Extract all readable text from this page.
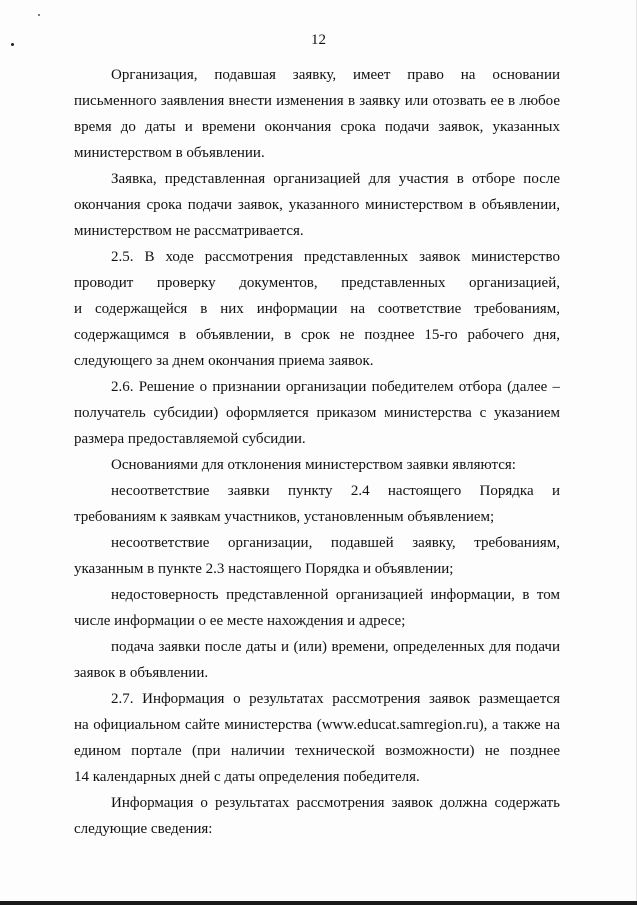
12
Организация, подавшая заявку, имеет право на основании
письменного заявления внести изменения в заявку или отозвать ее в любое
время до даты и времени окончания срока подачи заявок, указанных
министерством в объявлении.
Заявка, представленная организацией для участия в отборе после
окончания срока подачи заявок, указанного министерством в объявлении,
министерством не рассматривается.
2.5. В ходе рассмотрения представленных заявок министерство
проводит проверку документов, представленных организацией,
и содержащейся в них информации на соответствие требованиям,
содержащимся в объявлении, в срок не позднее 15-го рабочего дня,
следующего за днем окончания приема заявок.
2.6. Решение о признании организации победителем отбора (далее –
получатель субсидии) оформляется приказом министерства с указанием
размера предоставляемой субсидии.
Основаниями для отклонения министерством заявки являются:
несоответствие заявки пункту 2.4 настоящего Порядка и
требованиям к заявкам участников, установленным объявлением;
несоответствие организации, подавшей заявку, требованиям,
указанным в пункте 2.3 настоящего Порядка и объявлении;
недостоверность представленной организацией информации, в том
числе информации о ее месте нахождения и адресе;
подача заявки после даты и (или) времени, определенных для подачи
заявок в объявлении.
2.7. Информация о результатах рассмотрения заявок размещается
на официальном сайте министерства (www.educat.samregion.ru), а также на
едином портале (при наличии технической возможности) не позднее
14 календарных дней с даты определения победителя.
Информация о результатах рассмотрения заявок должна содержать
следующие сведения:
